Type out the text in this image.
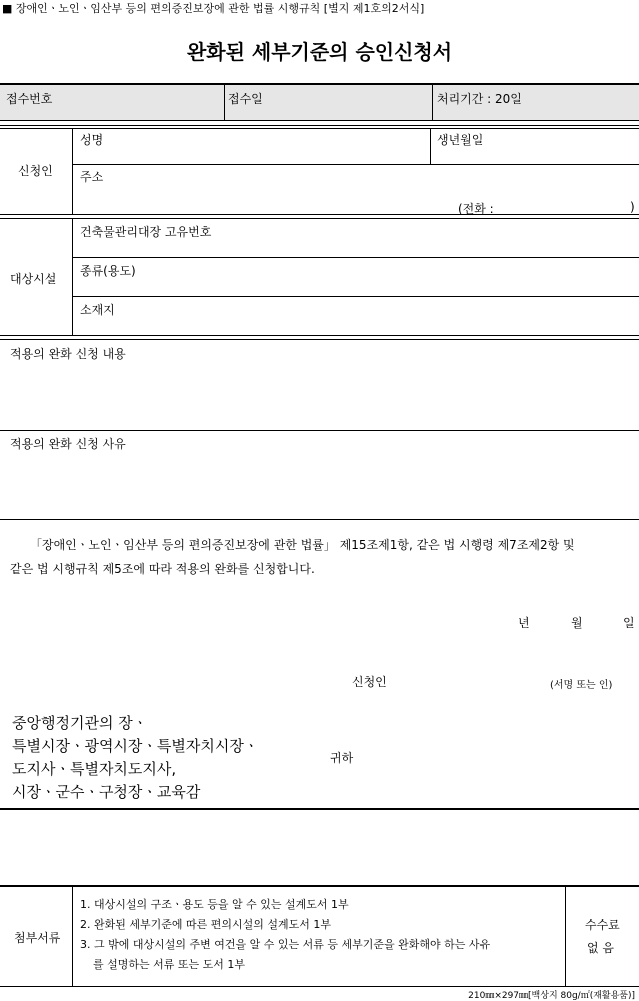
■ 장애인ㆍ노인ㆍ임산부 등의 편의증진보장에 관한 법률 시행규칙 [별지 제1호의2서식]
완화된 세부기준의 승인신청서
접수번호	접수일	처리기간 : 20일
신청인
성명	생년월일
주소
(전화 :	)
대상시설
건축물관리대장 고유번호
종류(용도)
소재지
적용의 완화 신청 내용
적용의 완화 신청 사유
「장애인ㆍ노인ㆍ임산부 등의 편의증진보장에 관한 법률」 제15조제1항, 같은 법 시행령 제7조제2항 및
같은 법 시행규칙 제5조에 따라 적용의 완화를 신청합니다.
년	월	일
신청인	(서명 또는 인)
중앙행정기관의 장ㆍ
특별시장ㆍ광역시장ㆍ특별자치시장ㆍ
도지사ㆍ특별자치도지사,
시장ㆍ군수ㆍ구청장ㆍ교육감
귀하
첨부서류
1. 대상시설의 구조ㆍ용도 등을 알 수 있는 설계도서 1부
2. 완화된 세부기준에 따른 편의시설의 설계도서 1부
3. 그 밖에 대상시설의 주변 여건을 알 수 있는 서류 등 세부기준을 완화해야 하는 사유
를 설명하는 서류 또는 도서 1부
수수료
없 음
210㎜×297㎜[백상지 80g/㎡(재활용품)]
